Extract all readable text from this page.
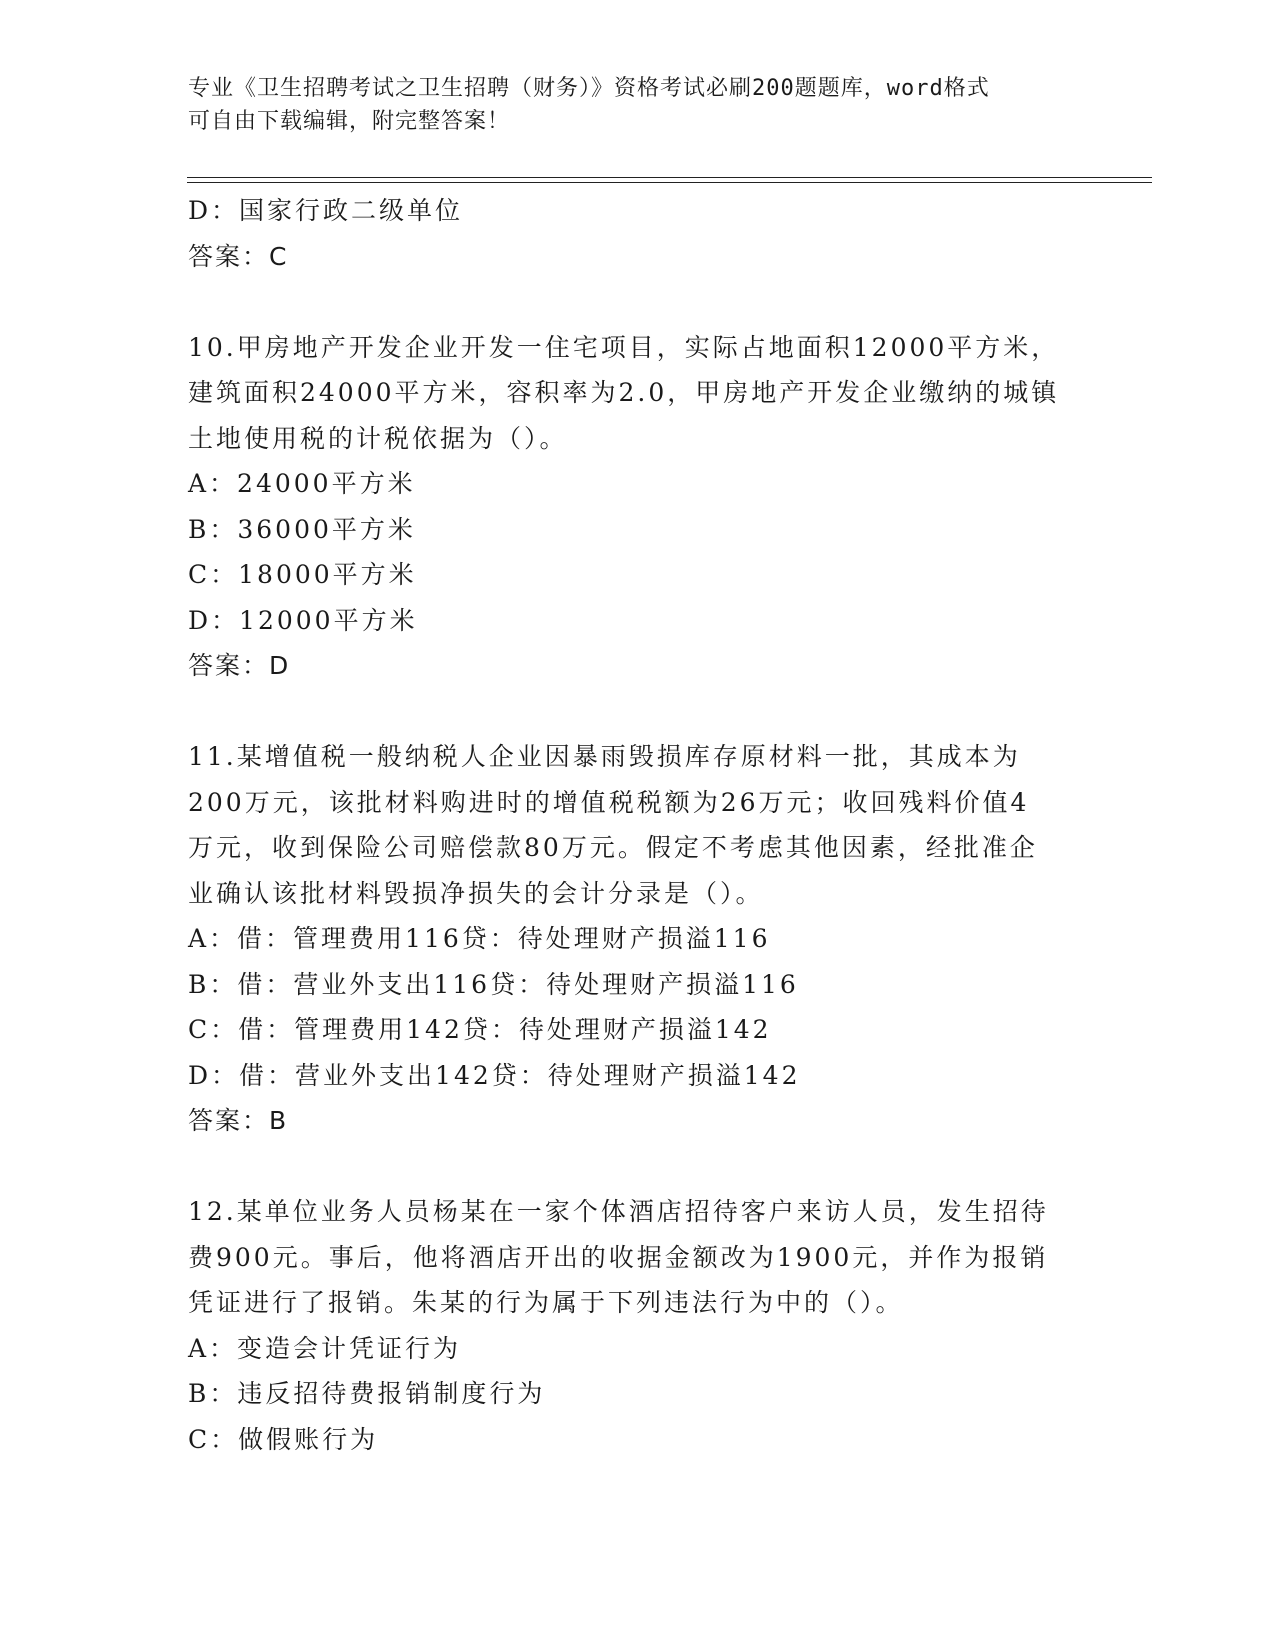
专业《卫生招聘考试之卫生招聘（财务）》资格考试必刷200题题库，word格式
可自由下载编辑，附完整答案！
D：国家行政二级单位
答案：C
10.甲房地产开发企业开发一住宅项目，实际占地面积12000平方米，
建筑面积24000平方米，容积率为2.0，甲房地产开发企业缴纳的城镇
土地使用税的计税依据为（）。
A：24000平方米
B：36000平方米
C：18000平方米
D：12000平方米
答案：D
11.某增值税一般纳税人企业因暴雨毁损库存原材料一批，其成本为
200万元，该批材料购进时的增值税税额为26万元；收回残料价值4
万元，收到保险公司赔偿款80万元。假定不考虑其他因素，经批准企
业确认该批材料毁损净损失的会计分录是（）。
A：借：管理费用116贷：待处理财产损溢116
B：借：营业外支出116贷：待处理财产损溢116
C：借：管理费用142贷：待处理财产损溢142
D：借：营业外支出142贷：待处理财产损溢142
答案：B
12.某单位业务人员杨某在一家个体酒店招待客户来访人员，发生招待
费900元。事后，他将酒店开出的收据金额改为1900元，并作为报销
凭证进行了报销。朱某的行为属于下列违法行为中的（）。
A：变造会计凭证行为
B：违反招待费报销制度行为
C：做假账行为
